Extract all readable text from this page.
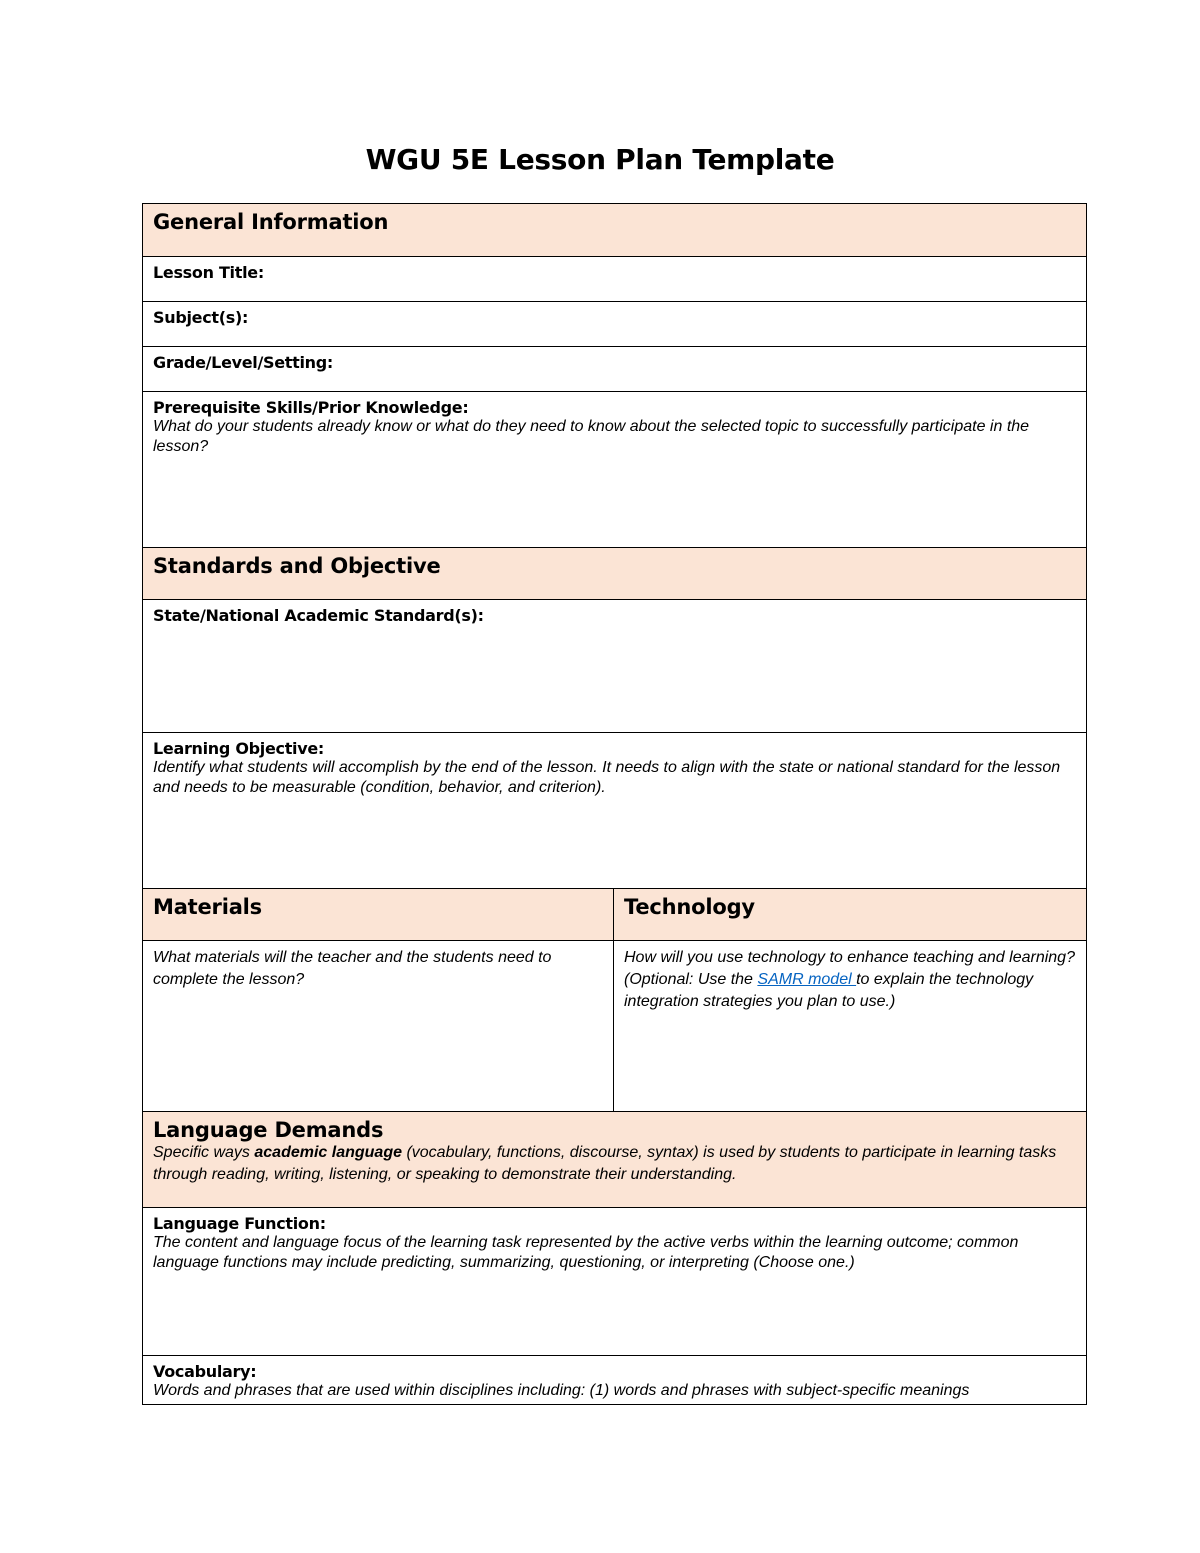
WGU 5E Lesson Plan Template
General Information
Lesson Title:
Subject(s):
Grade/Level/Setting:
Prerequisite Skills/Prior Knowledge:
What do your students already know or what do they need to know about the selected topic to successfully participate in the lesson?
Standards and Objective
State/National Academic Standard(s):
Learning Objective:
Identify what students will accomplish by the end of the lesson. It needs to align with the state or national standard for the lesson and needs to be measurable (condition, behavior, and criterion).
Materials	Technology
What materials will the teacher and the students need to complete the lesson?
How will you use technology to enhance teaching and learning? (Optional: Use the SAMR model to explain the technology integration strategies you plan to use.)
Language Demands
Specific ways academic language (vocabulary, functions, discourse, syntax) is used by students to participate in learning tasks through reading, writing, listening, or speaking to demonstrate their understanding.
Language Function:
The content and language focus of the learning task represented by the active verbs within the learning outcome; common language functions may include predicting, summarizing, questioning, or interpreting (Choose one.)
Vocabulary:
Words and phrases that are used within disciplines including: (1) words and phrases with subject-specific meanings
